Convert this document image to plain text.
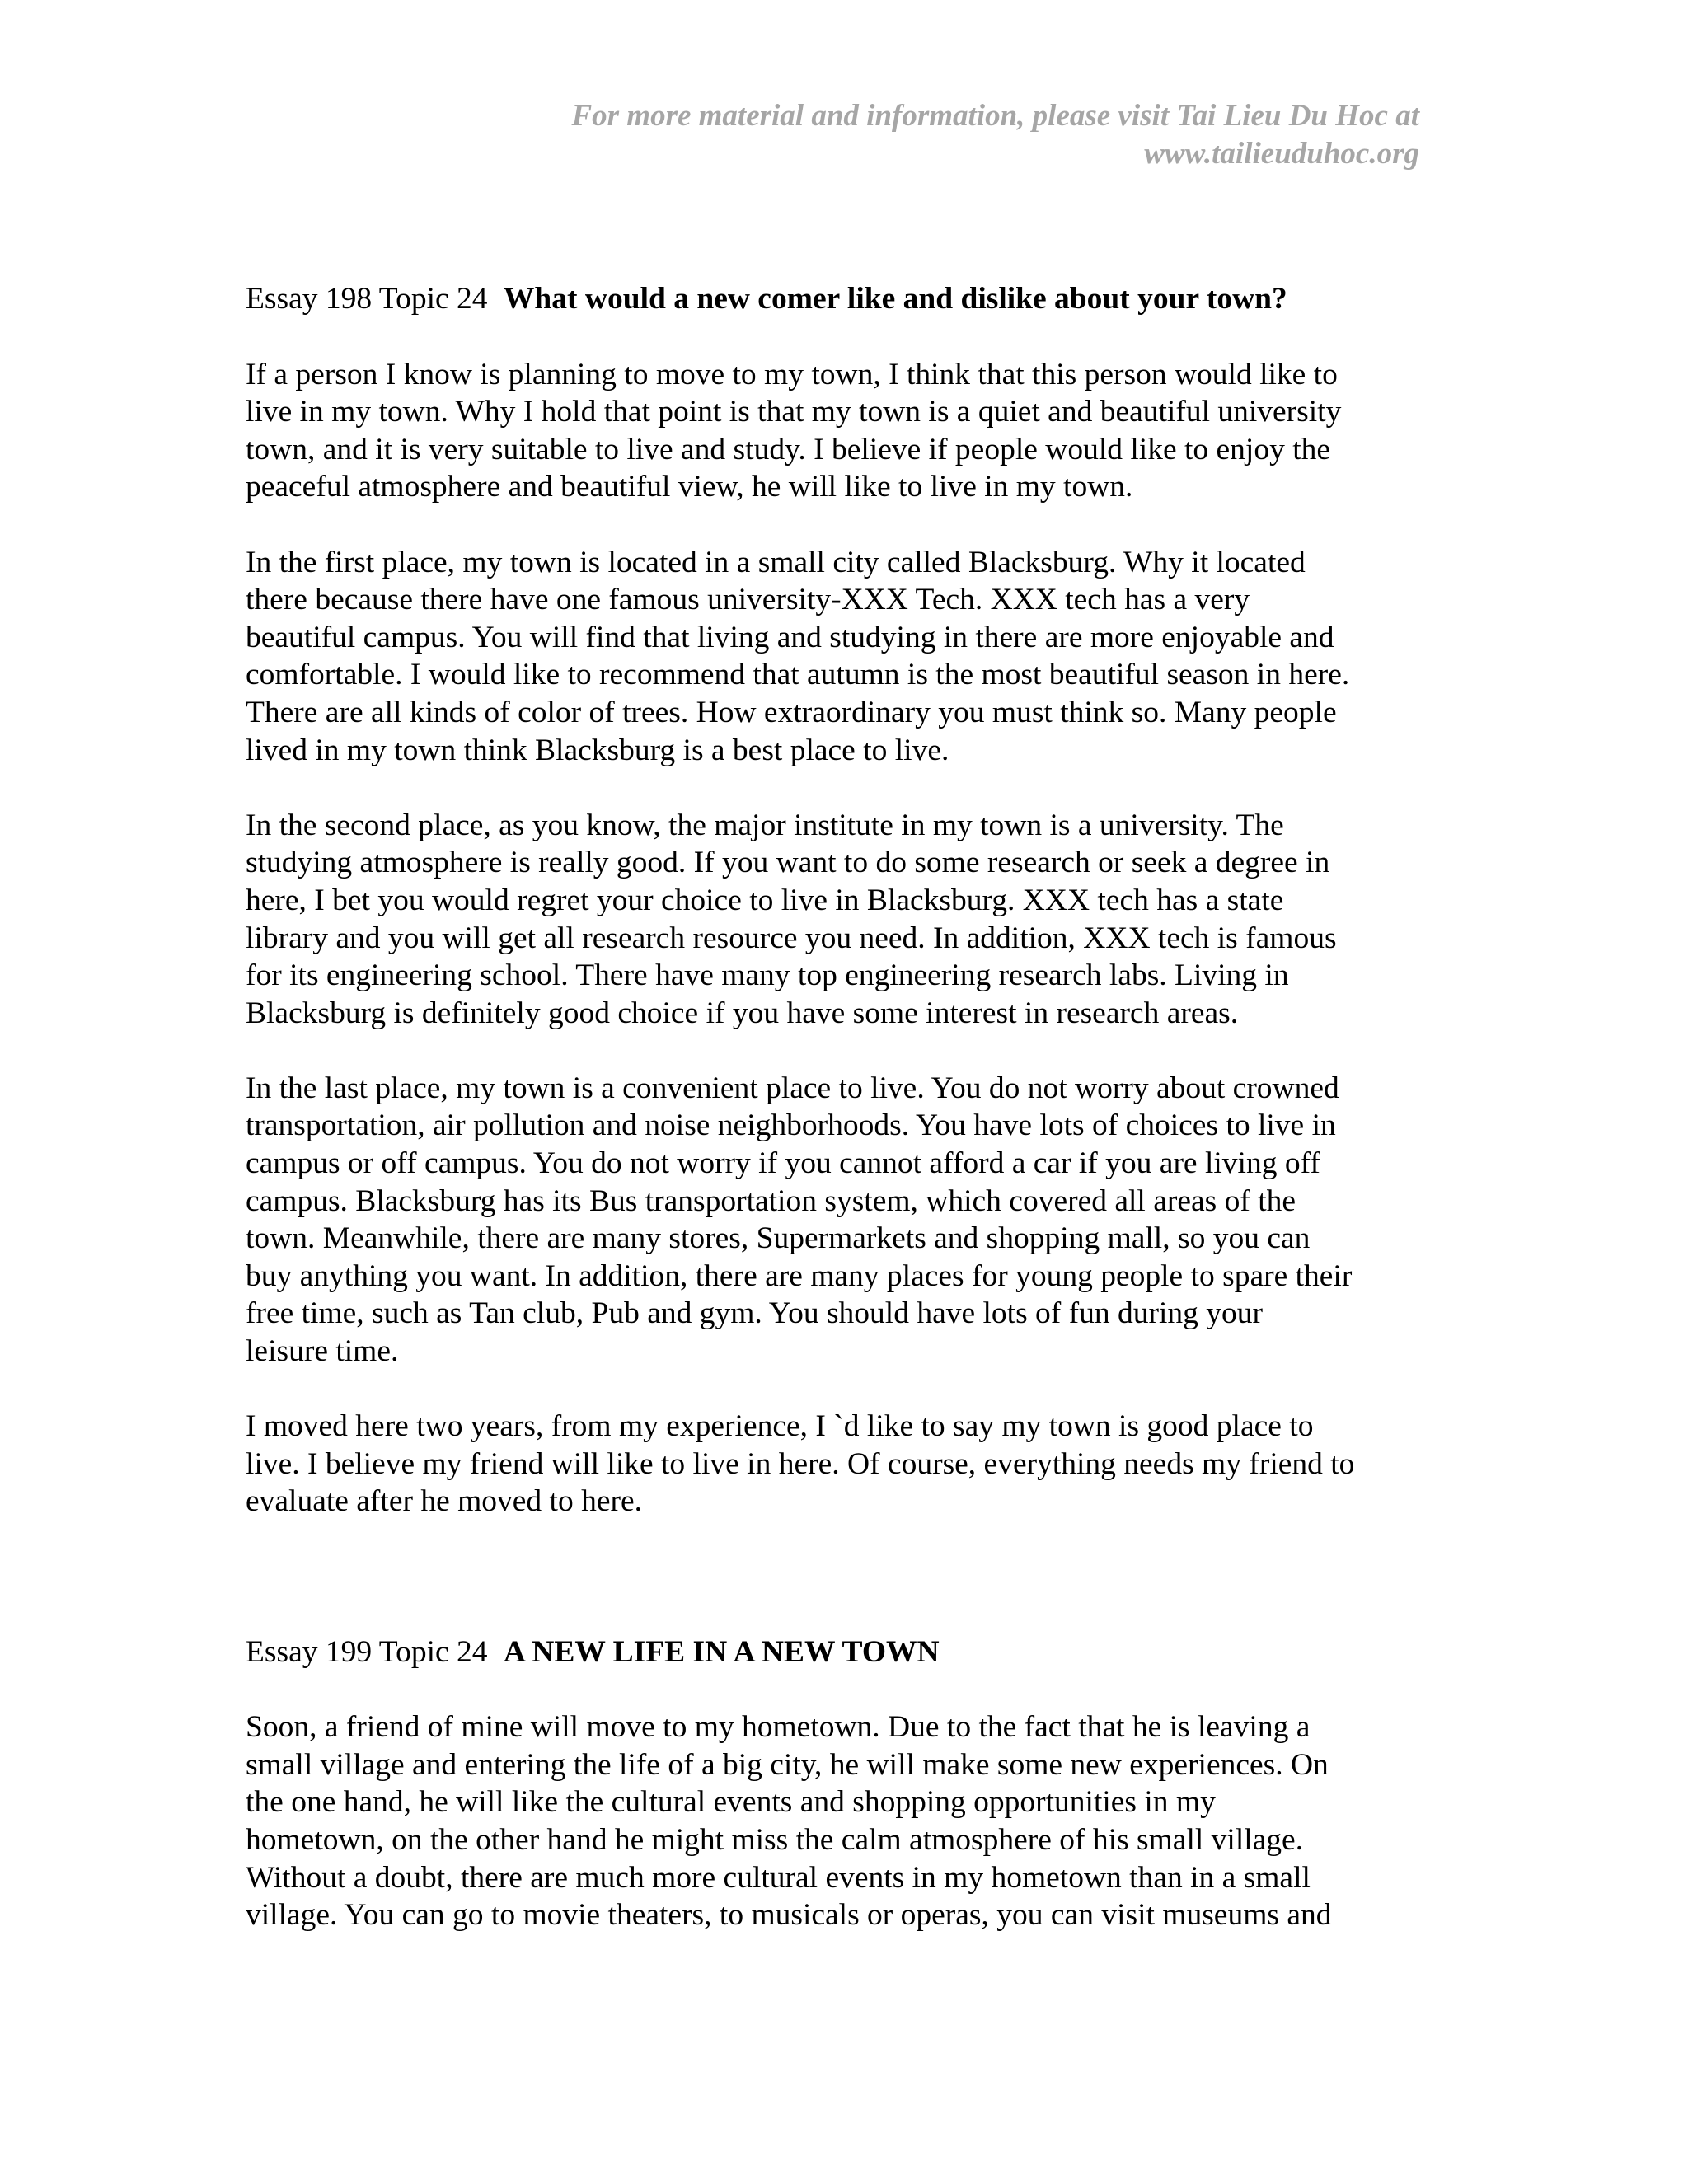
For more material and information, please visit Tai Lieu Du Hoc at
www.tailieuduhoc.org
Essay 198 Topic 24 What would a new comer like and dislike about your town?
If a person I know is planning to move to my town, I think that this person would like to
live in my town. Why I hold that point is that my town is a quiet and beautiful university
town, and it is very suitable to live and study. I believe if people would like to enjoy the
peaceful atmosphere and beautiful view, he will like to live in my town.
In the first place, my town is located in a small city called Blacksburg. Why it located
there because there have one famous university-XXX Tech. XXX tech has a very
beautiful campus. You will find that living and studying in there are more enjoyable and
comfortable. I would like to recommend that autumn is the most beautiful season in here.
There are all kinds of color of trees. How extraordinary you must think so. Many people
lived in my town think Blacksburg is a best place to live.
In the second place, as you know, the major institute in my town is a university. The
studying atmosphere is really good. If you want to do some research or seek a degree in
here, I bet you would regret your choice to live in Blacksburg. XXX tech has a state
library and you will get all research resource you need. In addition, XXX tech is famous
for its engineering school. There have many top engineering research labs. Living in
Blacksburg is definitely good choice if you have some interest in research areas.
In the last place, my town is a convenient place to live. You do not worry about crowned
transportation, air pollution and noise neighborhoods. You have lots of choices to live in
campus or off campus. You do not worry if you cannot afford a car if you are living off
campus. Blacksburg has its Bus transportation system, which covered all areas of the
town. Meanwhile, there are many stores, Supermarkets and shopping mall, so you can
buy anything you want. In addition, there are many places for young people to spare their
free time, such as Tan club, Pub and gym. You should have lots of fun during your
leisure time.
I moved here two years, from my experience, I `d like to say my town is good place to
live. I believe my friend will like to live in here. Of course, everything needs my friend to
evaluate after he moved to here.
Essay 199 Topic 24 A NEW LIFE IN A NEW TOWN
Soon, a friend of mine will move to my hometown. Due to the fact that he is leaving a
small village and entering the life of a big city, he will make some new experiences. On
the one hand, he will like the cultural events and shopping opportunities in my
hometown, on the other hand he might miss the calm atmosphere of his small village.
Without a doubt, there are much more cultural events in my hometown than in a small
village. You can go to movie theaters, to musicals or operas, you can visit museums and
